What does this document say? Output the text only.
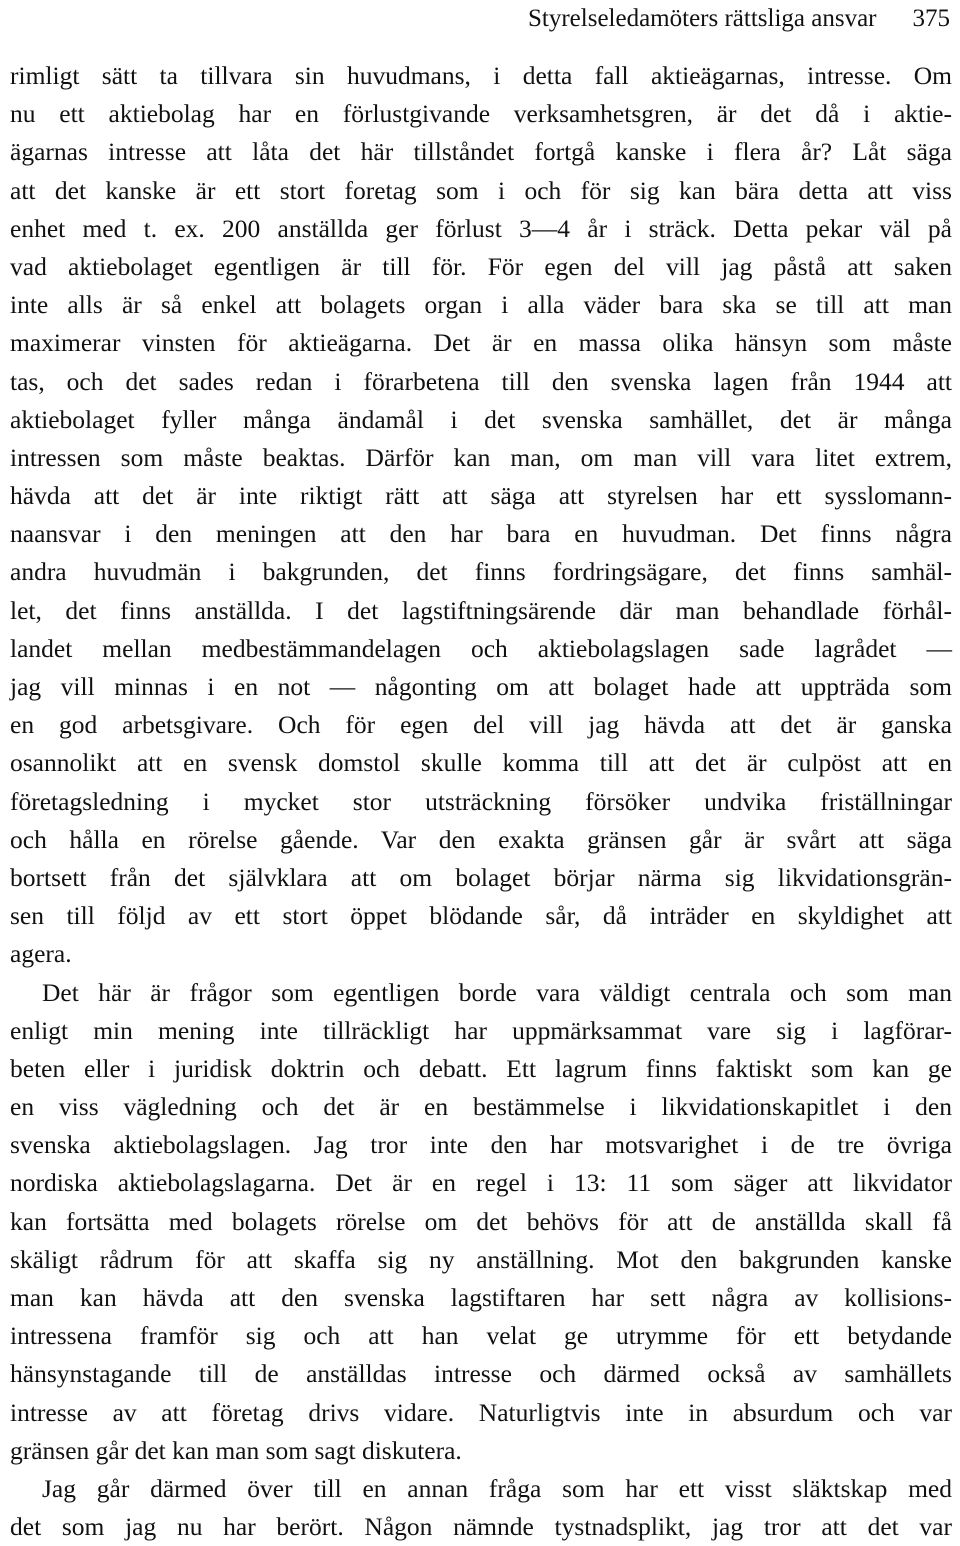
Styrelseledamöters rättsliga ansvar 375
rimligt sätt ta tillvara sin huvudmans, i detta fall aktieägarnas, intresse. Om
nu ett aktiebolag har en förlustgivande verksamhetsgren, är det då i aktie-
ägarnas intresse att låta det här tillståndet fortgå kanske i flera år? Låt säga
att det kanske är ett stort foretag som i och för sig kan bära detta att viss
enhet med t. ex. 200 anställda ger förlust 3—4 år i sträck. Detta pekar väl på
vad aktiebolaget egentligen är till för. För egen del vill jag påstå att saken
inte alls är så enkel att bolagets organ i alla väder bara ska se till att man
maximerar vinsten för aktieägarna. Det är en massa olika hänsyn som måste
tas, och det sades redan i förarbetena till den svenska lagen från 1944 att
aktiebolaget fyller många ändamål i det svenska samhället, det är många
intressen som måste beaktas. Därför kan man, om man vill vara litet extrem,
hävda att det är inte riktigt rätt att säga att styrelsen har ett sysslomann-
naansvar i den meningen att den har bara en huvudman. Det finns några
andra huvudmän i bakgrunden, det finns fordringsägare, det finns samhäl-
let, det finns anställda. I det lagstiftningsärende där man behandlade förhål-
landet mellan medbestämmandelagen och aktiebolagslagen sade lagrådet —
jag vill minnas i en not — någonting om att bolaget hade att uppträda som
en god arbetsgivare. Och för egen del vill jag hävda att det är ganska
osannolikt att en svensk domstol skulle komma till att det är culpöst att en
företagsledning i mycket stor utsträckning försöker undvika friställningar
och hålla en rörelse gående. Var den exakta gränsen går är svårt att säga
bortsett från det självklara att om bolaget börjar närma sig likvidationsgrän-
sen till följd av ett stort öppet blödande sår, då inträder en skyldighet att
agera.
Det här är frågor som egentligen borde vara väldigt centrala och som man
enligt min mening inte tillräckligt har uppmärksammat vare sig i lagförar-
beten eller i juridisk doktrin och debatt. Ett lagrum finns faktiskt som kan ge
en viss vägledning och det är en bestämmelse i likvidationskapitlet i den
svenska aktiebolagslagen. Jag tror inte den har motsvarighet i de tre övriga
nordiska aktiebolagslagarna. Det är en regel i 13: 11 som säger att likvidator
kan fortsätta med bolagets rörelse om det behövs för att de anställda skall få
skäligt rådrum för att skaffa sig ny anställning. Mot den bakgrunden kanske
man kan hävda att den svenska lagstiftaren har sett några av kollisions-
intressena framför sig och att han velat ge utrymme för ett betydande
hänsynstagande till de anställdas intresse och därmed också av samhällets
intresse av att företag drivs vidare. Naturligtvis inte in absurdum och var
gränsen går det kan man som sagt diskutera.
Jag går därmed över till en annan fråga som har ett visst släktskap med
det som jag nu har berört. Någon nämnde tystnadsplikt, jag tror att det var
